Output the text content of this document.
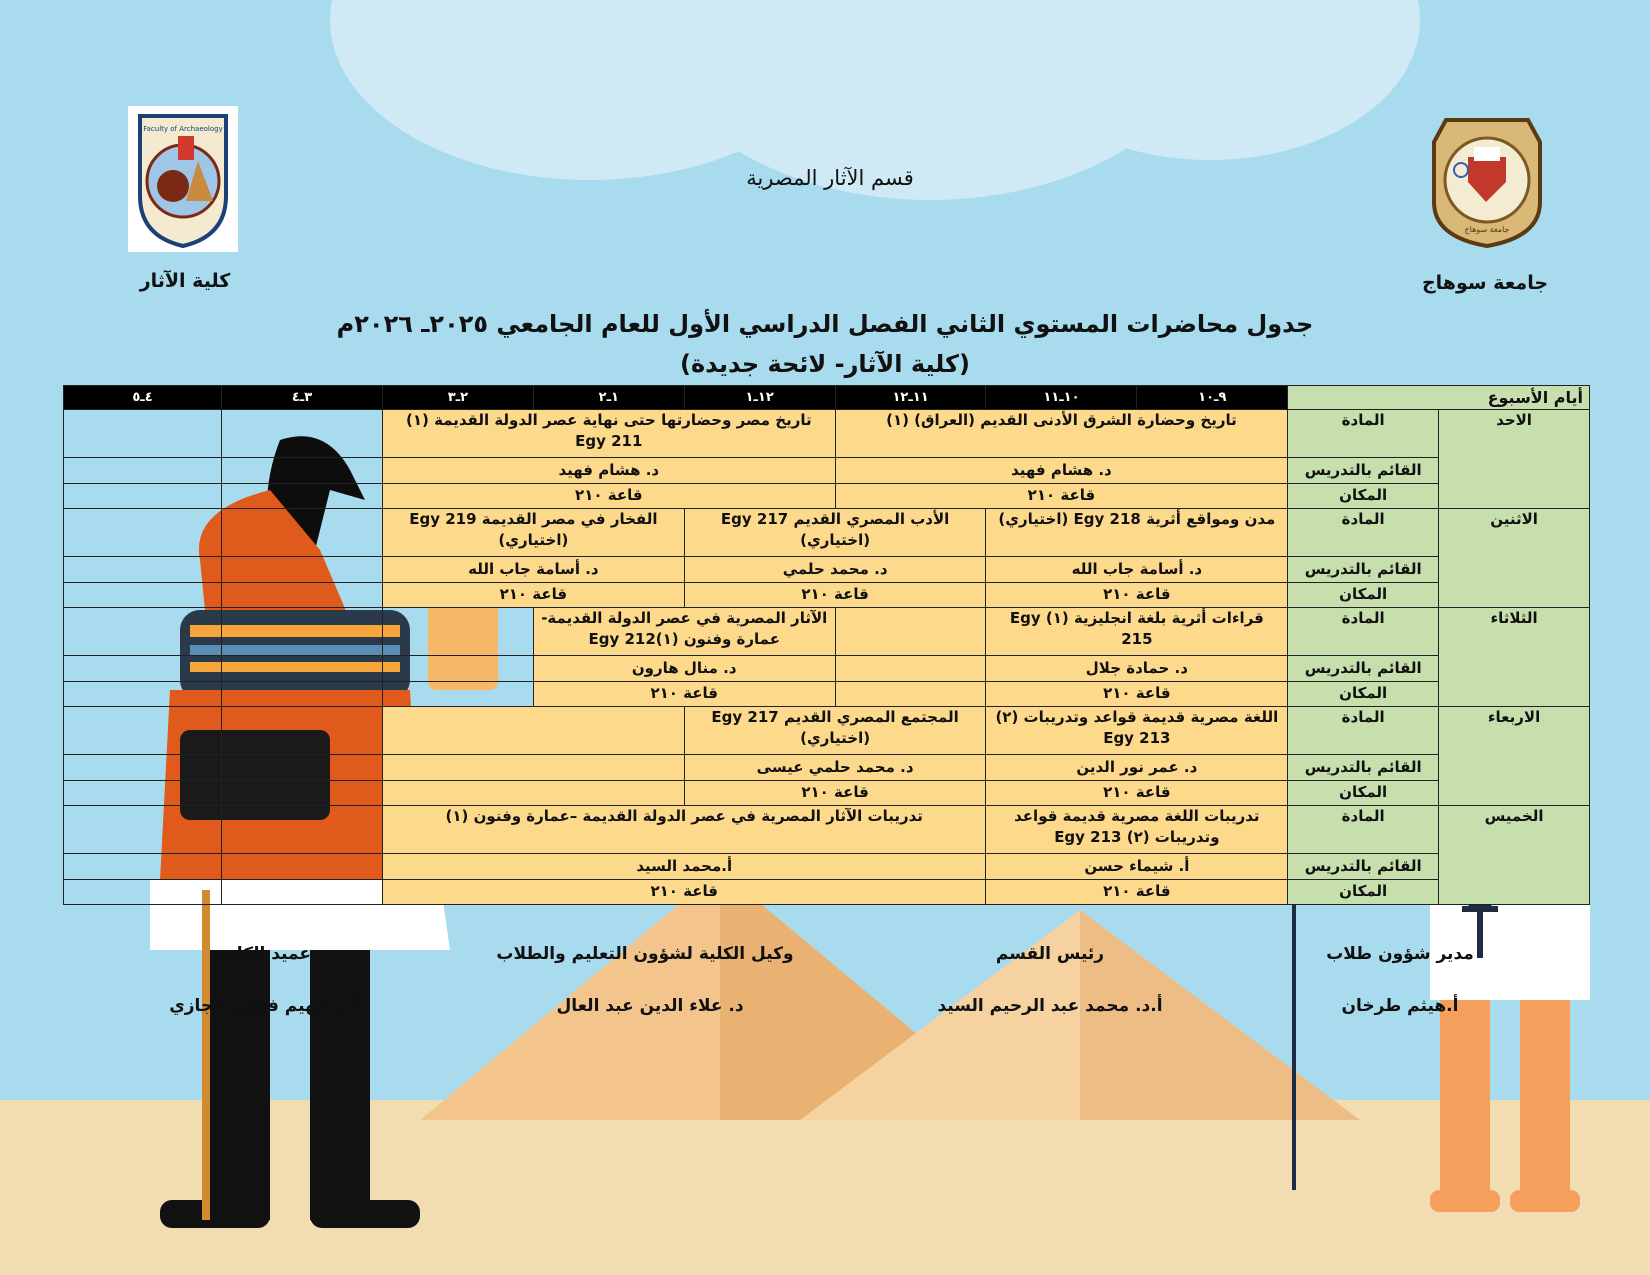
Faculty of Archaeology
جامعة سوهاج
قسم الآثار المصرية
كلية الآثار	جامعة سوهاج
جدول محاضرات المستوي الثاني الفصل الدراسي الأول للعام الجامعي ٢٠٢٥ـ ٢٠٢٦م
(كلية الآثار- لائحة جديدة)
أيام الأسبوع		٩ـ١٠	١٠ـ١١	١١ـ١٢	١٢ـ١	١ـ٢	٢ـ٣	٣ـ٤	٤ـ٥
الاحد	المادة	تاريخ وحضارة الشرق الأدنى القديم (العراق) (١)			تاريخ مصر وحضارتها حتى نهاية عصر الدولة القديمة (١) Egy 211				
	القائم بالتدريس	د. هشام فهيد			د. هشام فهيد				
	المكان	قاعة ٢١٠			قاعة ٢١٠				
الاثنين	المادة	مدن ومواقع أثرية Egy 218 (اختياري)		الأدب المصري القديم Egy 217 (اختياري)		الفخار في مصر القديمة Egy 219 (اختياري)			
	القائم بالتدريس	د. أسامة جاب الله		د. محمد حلمي		د. أسامة جاب الله			
	المكان	قاعة ٢١٠		قاعة ٢١٠		قاعة ٢١٠			
الثلاثاء	المادة	قراءات أثرية بلغة انجليزية (١) Egy 215			الآثار المصرية في عصر الدولة القديمة- عمارة وفنون (١)Egy 212				
	القائم بالتدريس	د. حمادة جلال			د. منال هارون				
	المكان	قاعة ٢١٠			قاعة ٢١٠				
الاربعاء	المادة	اللغة مصرية قديمة قواعد وتدريبات (٢) Egy 213		المجتمع المصري القديم Egy 217 (اختياري)					
	القائم بالتدريس	د. عمر نور الدين		د. محمد حلمي عيسى					
	المكان	قاعة ٢١٠		قاعة ٢١٠					
الخميس	المادة	تدريبات اللغة مصرية قديمة قواعد وتدريبات (٢) Egy 213		تدريبات الآثار المصرية في عصر الدولة القديمة –عمارة وفنون (١)					
	القائم بالتدريس	أ. شيماء حسن		أ.محمد السيد					
	المكان	قاعة ٢١٠		قاعة ٢١٠					
مدير شؤون طلاب
أ.هيثم طرخان
رئيس القسم
أ.د. محمد عبد الرحيم السيد
وكيل الكلية لشؤون التعليم والطلاب
د. علاء الدين عبد العال
عميد الكلية
أ.د. فهيم فتحي حجازي
